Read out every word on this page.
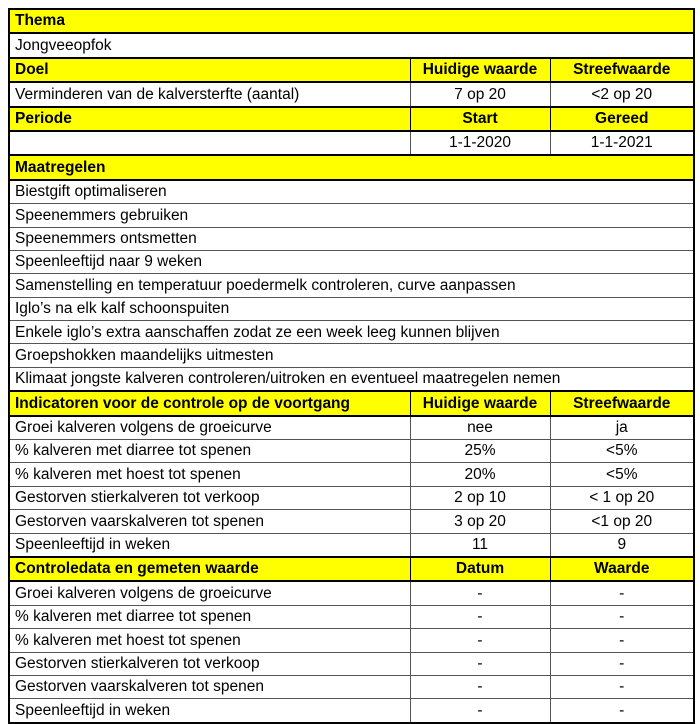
Thema		
Jongveeopfok		
Doel	Huidige waarde	Streefwaarde
Verminderen van de kalversterfte (aantal)	7 op 20	<2 op 20
Periode	Start	Gereed
	1-1-2020	1-1-2021
Maatregelen		
Biestgift optimaliseren		
Speenemmers gebruiken		
Speenemmers ontsmetten		
Speenleeftijd naar 9 weken		
Samenstelling en temperatuur poedermelk controleren, curve aanpassen		
Iglo’s na elk kalf schoonspuiten		
Enkele iglo’s extra aanschaffen zodat ze een week leeg kunnen blijven		
Groepshokken maandelijks uitmesten		
Klimaat jongste kalveren controleren/uitroken en eventueel maatregelen nemen		
Indicatoren voor de controle op de voortgang	Huidige waarde	Streefwaarde
Groei kalveren volgens de groeicurve	nee	ja
% kalveren met diarree tot spenen	25%	<5%
% kalveren met hoest tot spenen	20%	<5%
Gestorven stierkalveren tot verkoop	2 op 10	< 1 op 20
Gestorven vaarskalveren tot spenen	3 op 20	<1 op 20
Speenleeftijd in weken	11	9
Controledata en gemeten waarde	Datum	Waarde
Groei kalveren volgens de groeicurve	-	-
% kalveren met diarree tot spenen	-	-
% kalveren met hoest tot spenen	-	-
Gestorven stierkalveren tot verkoop	-	-
Gestorven vaarskalveren tot spenen	-	-
Speenleeftijd in weken	-	-
